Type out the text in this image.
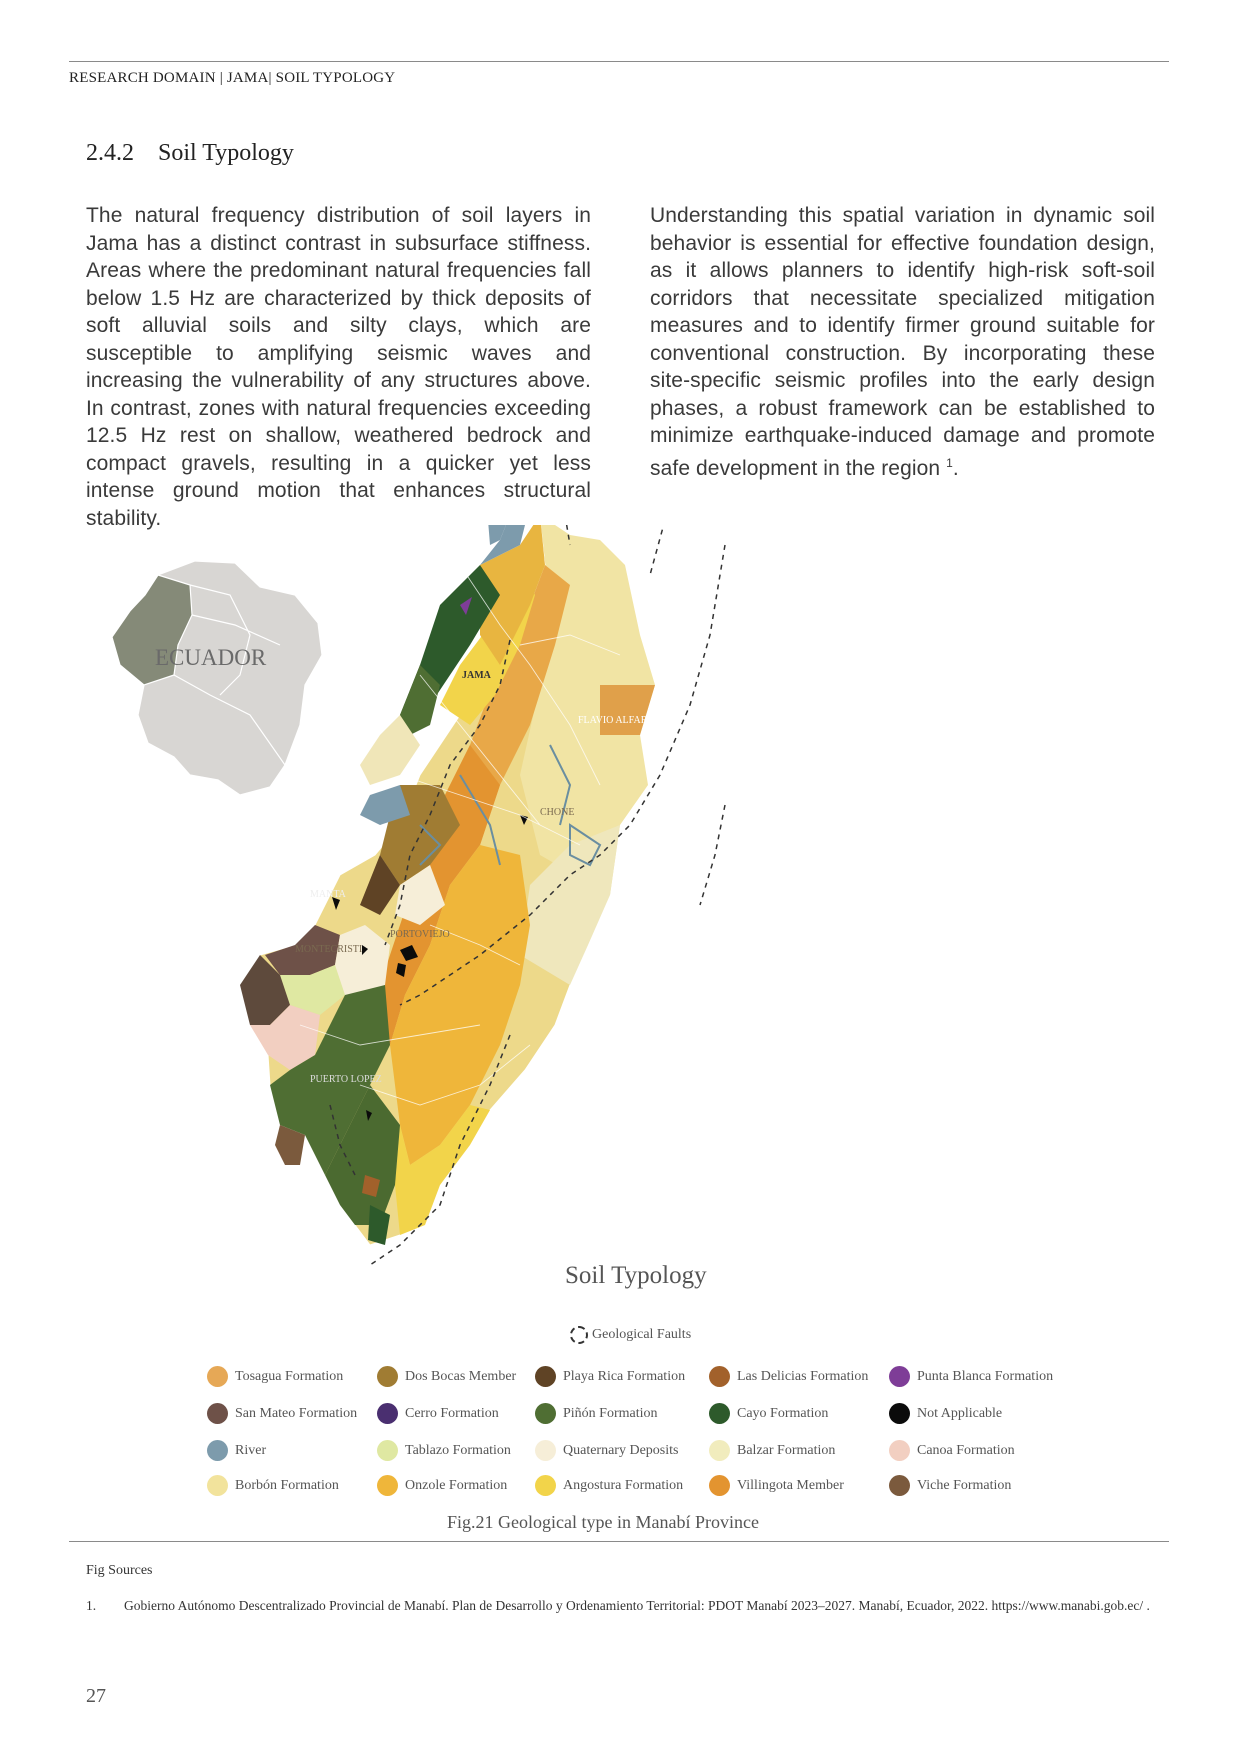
RESEARCH DOMAIN | JAMA| SOIL TYPOLOGY
2.4.2 Soil Typology
The natural frequency distribution of soil layers in Jama has a distinct contrast in subsurface stiffness. Areas where the predominant natural frequencies fall below 1.5 Hz are characterized by thick deposits of soft alluvial soils and silty clays, which are susceptible to amplifying seismic waves and increasing the vulnerability of any structures above. In contrast, zones with natural frequencies exceeding 12.5 Hz rest on shallow, weathered bedrock and compact gravels, resulting in a quicker yet less intense ground motion that enhances structural stability.
Understanding this spatial variation in dynamic soil behavior is essential for effective foundation design, as it allows planners to identify high-risk soft-soil corridors that necessitate specialized mitigation measures and to identify firmer ground suitable for conventional construction. By incorporating these site-specific seismic profiles into the early design phases, a robust framework can be established to minimize earthquake-induced damage and promote safe development in the region $^1$.
ECUADOR
JAMA
FLAVIO ALFARO
CHONE
MANTA
PORTOVIEJO
MONTECRISTI
PUERTO LOPEZ
Soil Typology
Geological Faults
Tosagua Formation	Dos Bocas Member	Playa Rica Formation	Las Delicias Formation	Punta Blanca Formation
San Mateo Formation	Cerro Formation	Piñón Formation	Cayo Formation	Not Applicable
River	Tablazo Formation	Quaternary Deposits	Balzar Formation	Canoa Formation
Borbón Formation	Onzole Formation	Angostura Formation	Villingota Member	Viche Formation
Fig.21 Geological type in Manabí Province
Fig Sources
1. Gobierno Autónomo Descentralizado Provincial de Manabí. Plan de Desarrollo y Ordenamiento Territorial: PDOT Manabí 2023–2027. Manabí, Ecuador, 2022. https://www.manabi.gob.ec/ .
27
